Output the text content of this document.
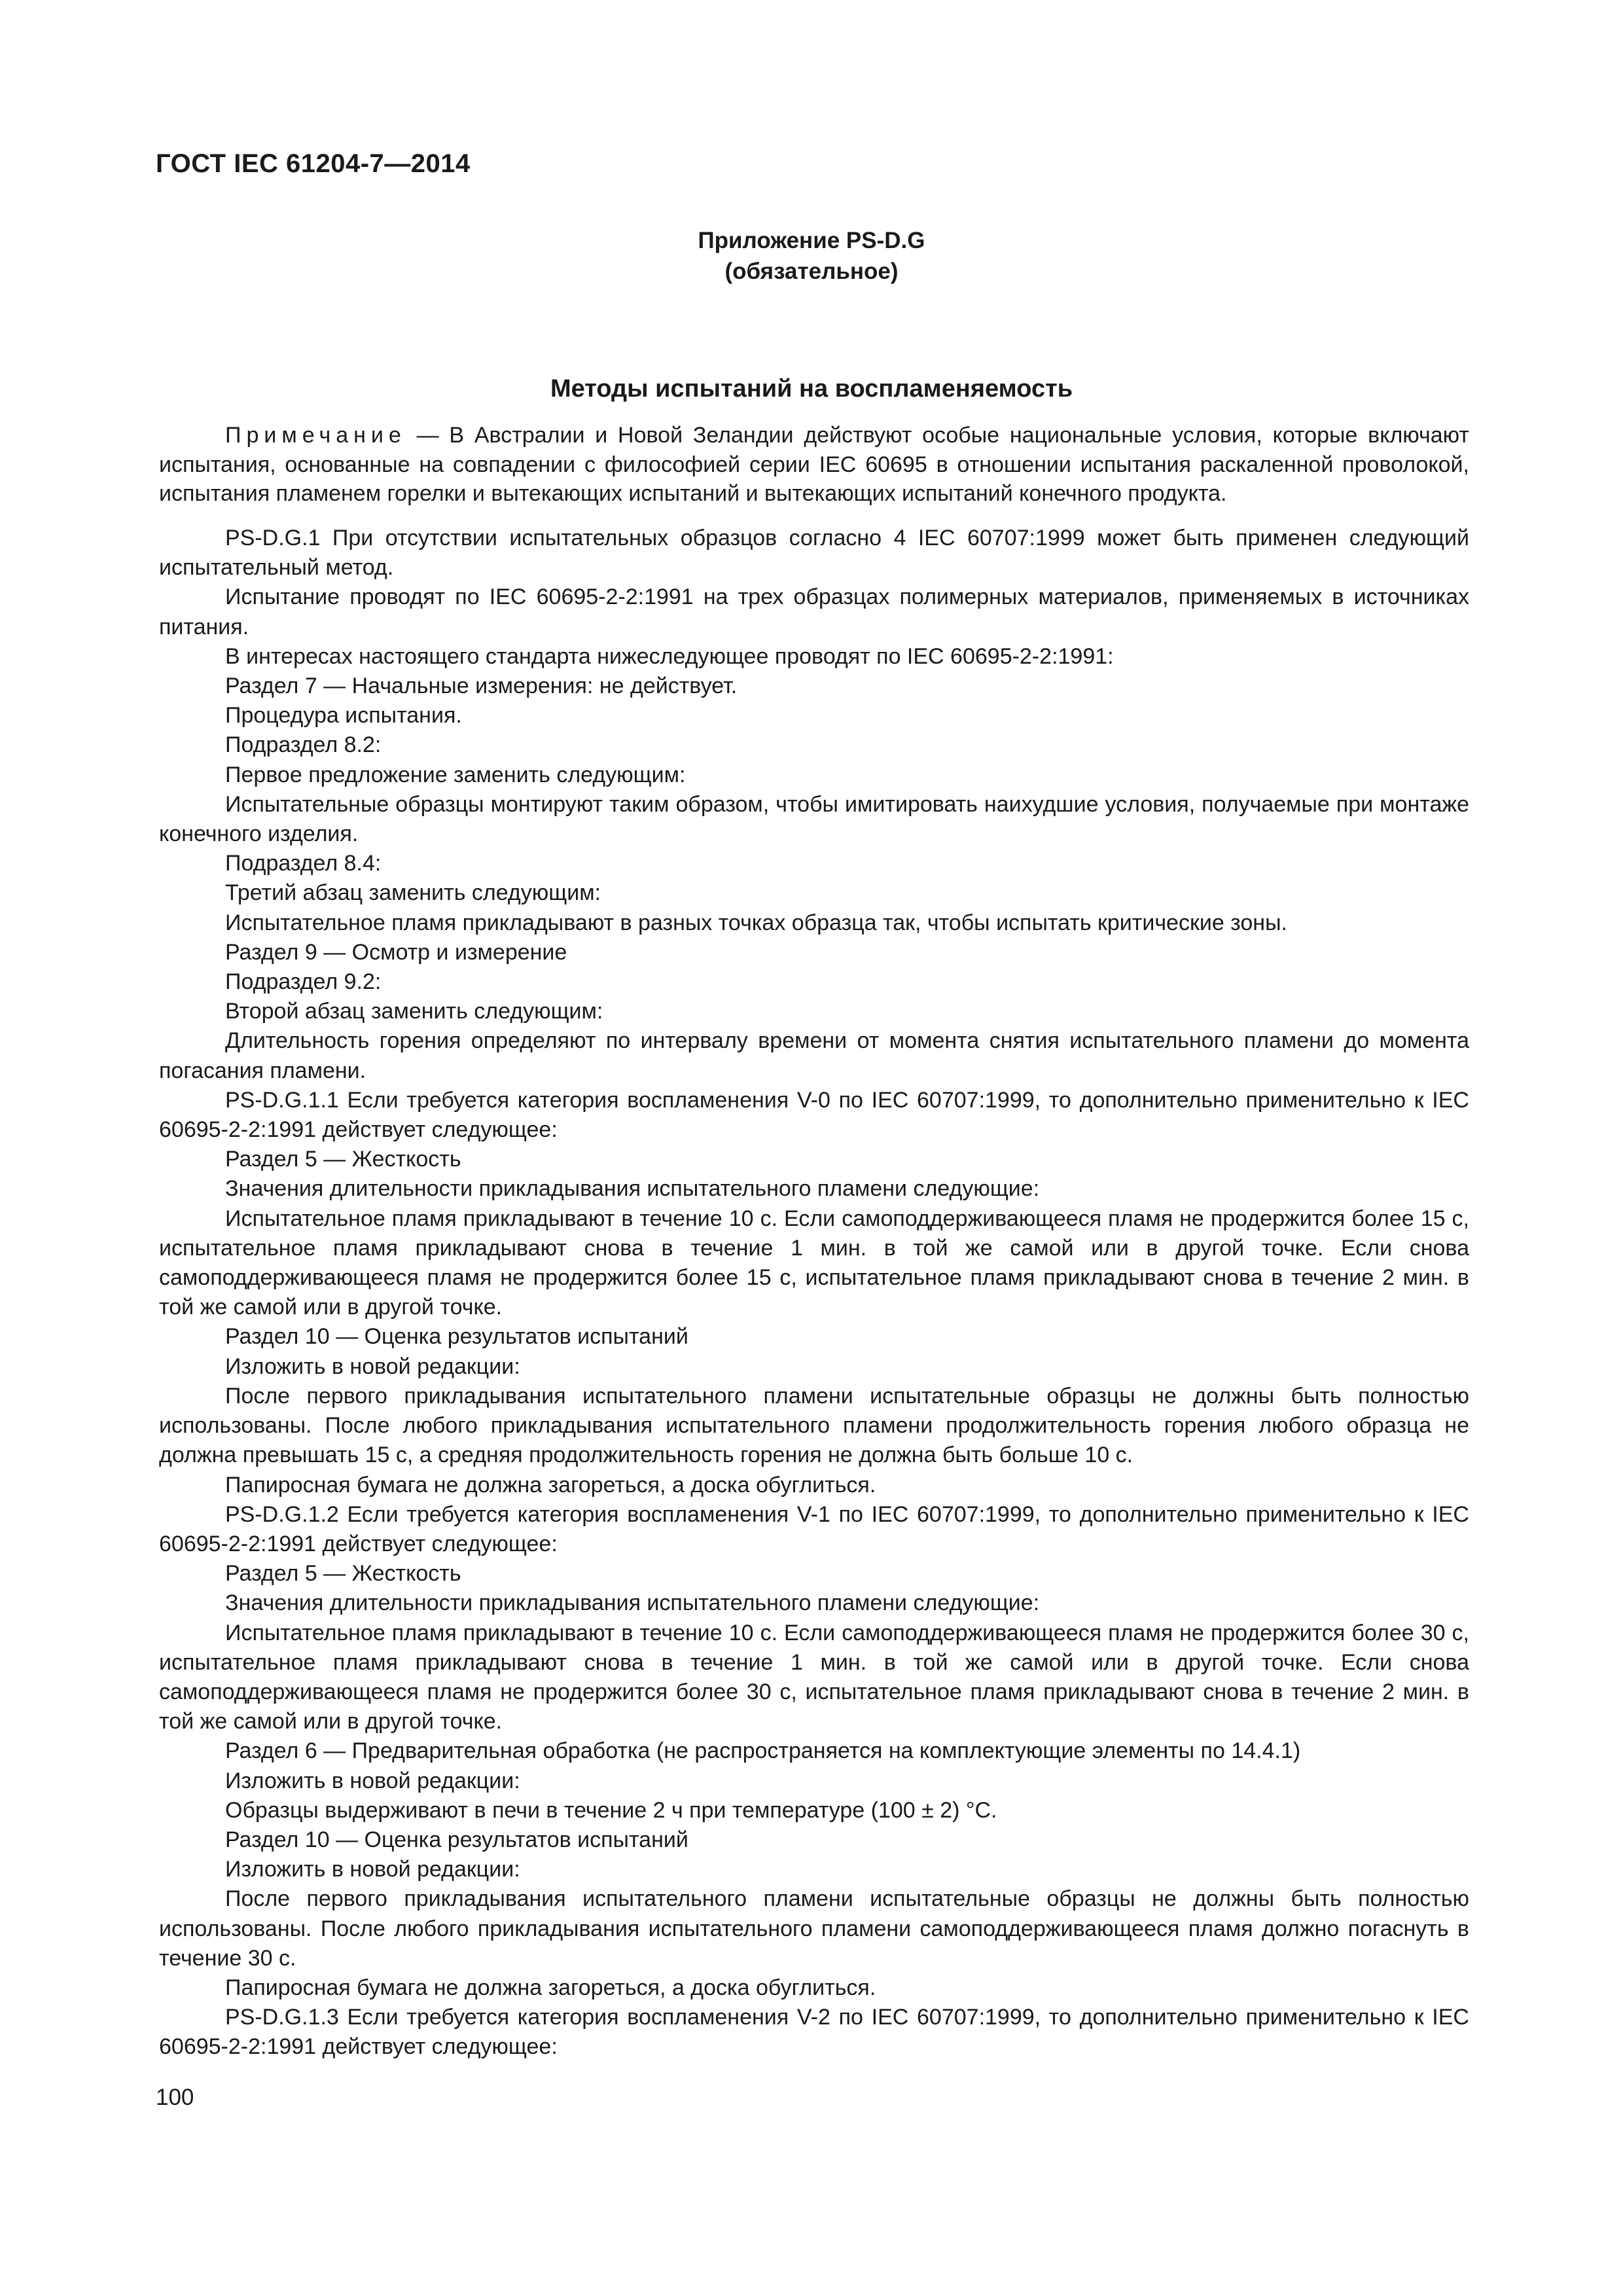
ГОСТ IEC 61204-7—2014
Приложение PS-D.G
(обязательное)
Методы испытаний на воспламеняемость
Примечание — В Австралии и Новой Зеландии действуют особые национальные условия, которые включают испытания, основанные на совпадении с философией серии IEC 60695 в отношении испытания раскаленной проволокой, испытания пламенем горелки и вытекающих испытаний и вытекающих испытаний конечного продукта.

PS-D.G.1 При отсутствии испытательных образцов согласно 4 IEC 60707:1999 может быть применен следующий испытательный метод.

Испытание проводят по IEC 60695-2-2:1991 на трех образцах полимерных материалов, применяемых в источниках питания.

В интересах настоящего стандарта нижеследующее проводят по IEC 60695-2-2:1991:

Раздел 7 — Начальные измерения: не действует.

Процедура испытания.

Подраздел 8.2:

Первое предложение заменить следующим:

Испытательные образцы монтируют таким образом, чтобы имитировать наихудшие условия, получаемые при монтаже конечного изделия.

Подраздел 8.4:

Третий абзац заменить следующим:

Испытательное пламя прикладывают в разных точках образца так, чтобы испытать критические зоны.

Раздел 9 — Осмотр и измерение

Подраздел 9.2:

Второй абзац заменить следующим:

Длительность горения определяют по интервалу времени от момента снятия испытательного пламени до момента погасания пламени.

PS-D.G.1.1 Если требуется категория воспламенения V-0 по IEC 60707:1999, то дополнительно применительно к IEC 60695-2-2:1991 действует следующее:

Раздел 5 — Жесткость

Значения длительности прикладывания испытательного пламени следующие:

Испытательное пламя прикладывают в течение 10 с. Если самоподдерживающееся пламя не продержится более 15 с, испытательное пламя прикладывают снова в течение 1 мин. в той же самой или в другой точке. Если снова самоподдерживающееся пламя не продержится более 15 с, испытательное пламя прикладывают снова в течение 2 мин. в той же самой или в другой точке.

Раздел 10 — Оценка результатов испытаний

Изложить в новой редакции:

После первого прикладывания испытательного пламени испытательные образцы не должны быть полностью использованы. После любого прикладывания испытательного пламени продолжительность горения любого образца не должна превышать 15 с, а средняя продолжительность горения не должна быть больше 10 с.

Папиросная бумага не должна загореться, а доска обуглиться.

PS-D.G.1.2 Если требуется категория воспламенения V-1 по IEC 60707:1999, то дополнительно применительно к IEC 60695-2-2:1991 действует следующее:

Раздел 5 — Жесткость

Значения длительности прикладывания испытательного пламени следующие:

Испытательное пламя прикладывают в течение 10 с. Если самоподдерживающееся пламя не продержится более 30 с, испытательное пламя прикладывают снова в течение 1 мин. в той же самой или в другой точке. Если снова самоподдерживающееся пламя не продержится более 30 с, испытательное пламя прикладывают снова в течение 2 мин. в той же самой или в другой точке.

Раздел 6 — Предварительная обработка (не распространяется на комплектующие элементы по 14.4.1)

Изложить в новой редакции:

Образцы выдерживают в печи в течение 2 ч при температуре (100 ± 2) °С.

Раздел 10 — Оценка результатов испытаний

Изложить в новой редакции:

После первого прикладывания испытательного пламени испытательные образцы не должны быть полностью использованы. После любого прикладывания испытательного пламени самоподдерживающееся пламя должно погаснуть в течение 30 с.

Папиросная бумага не должна загореться, а доска обуглиться.

PS-D.G.1.3 Если требуется категория воспламенения V-2 по IEC 60707:1999, то дополнительно применительно к IEC 60695-2-2:1991 действует следующее:

100
